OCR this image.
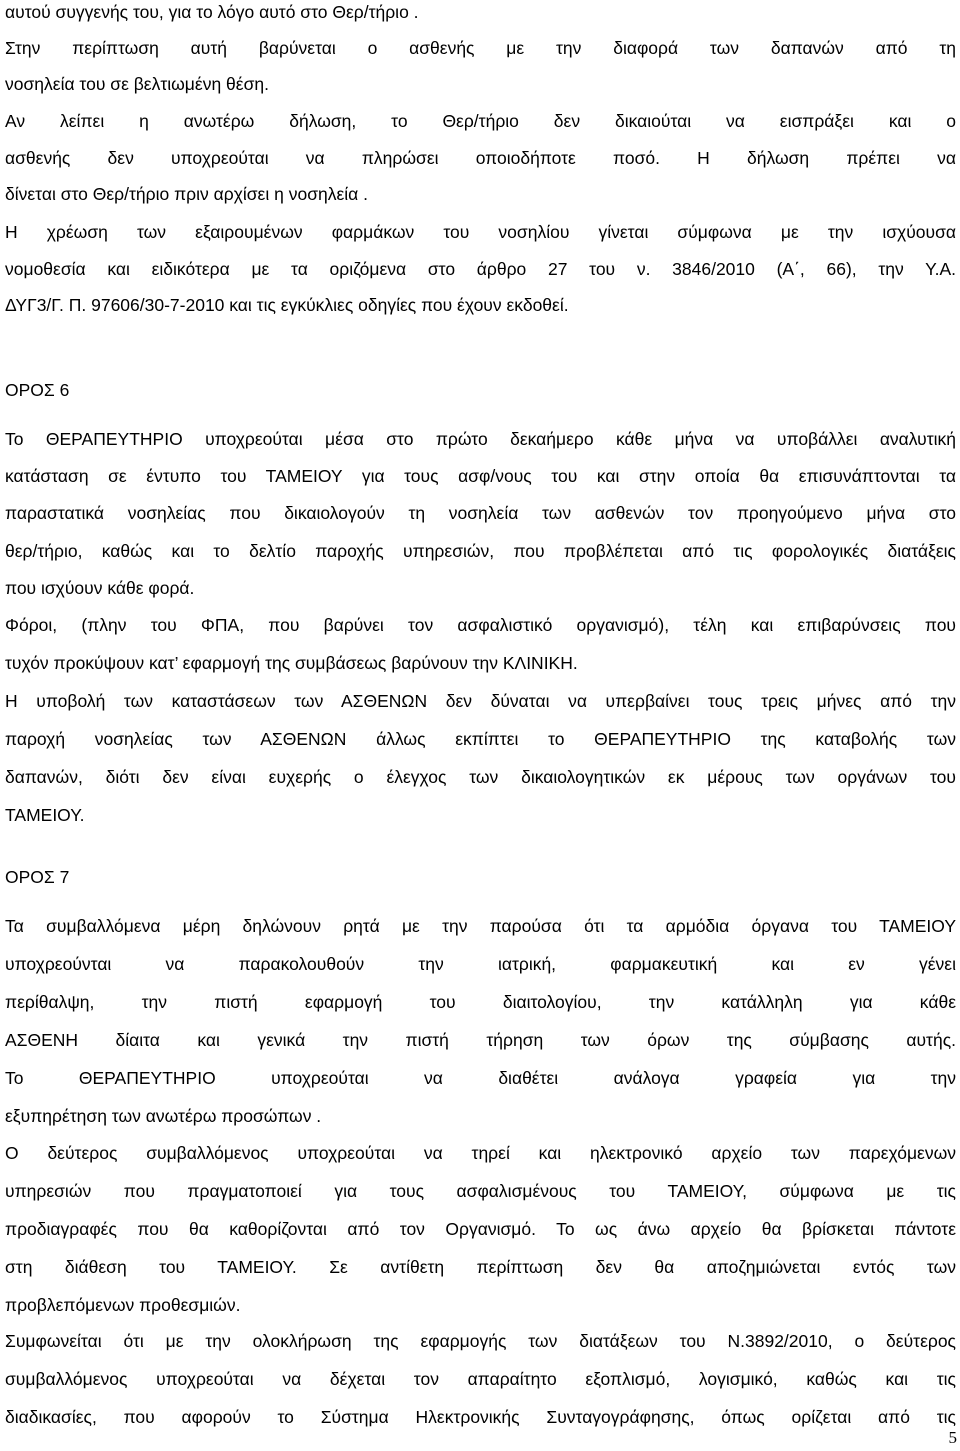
αυτού συγγενής του, για το λόγο αυτό στο Θερ/τήριο .
Στην περίπτωση αυτή βαρύνεται ο ασθενής με την διαφορά των δαπανών από τη
νοσηλεία του σε βελτιωμένη θέση.
Αν λείπει η ανωτέρω δήλωση, το Θερ/τήριο δεν δικαιούται να εισπράξει και ο
ασθενής δεν υποχρεούται να πληρώσει οποιοδήποτε ποσό. Η δήλωση πρέπει να
δίνεται στο Θερ/τήριο πριν αρχίσει η νοσηλεία .
Η χρέωση των εξαιρουμένων φαρμάκων του νοσηλίου γίνεται σύμφωνα με την ισχύουσα
νομοθεσία και ειδικότερα με τα οριζόμενα στο άρθρο 27 του ν. 3846/2010 (Α΄, 66), την Υ.Α.
ΔΥΓ3/Γ. Π. 97606/30-7-2010 και τις εγκύκλιες οδηγίες που έχουν εκδοθεί.
ΟΡΟΣ 6
Το ΘΕΡΑΠΕΥΤΗΡΙΟ υποχρεούται μέσα στο πρώτο δεκαήμερο κάθε μήνα να υποβάλλει αναλυτική
κατάσταση σε έντυπο του ΤΑΜΕΙΟΥ για τους ασφ/νους του και στην οποία θα επισυνάπτονται τα
παραστατικά νοσηλείας που δικαιολογούν τη νοσηλεία των ασθενών τον προηγούμενο μήνα στο
θερ/τήριο, καθώς και το δελτίο παροχής υπηρεσιών, που προβλέπεται από τις φορολογικές διατάξεις
που ισχύουν κάθε φορά.
Φόροι, (πλην του ΦΠΑ, που βαρύνει τον ασφαλιστικό οργανισμό), τέλη και επιβαρύνσεις που
τυχόν προκύψουν κατ’ εφαρμογή της συμβάσεως βαρύνουν την ΚΛΙΝΙΚΗ.
Η υποβολή των καταστάσεων των ΑΣΘΕΝΩΝ δεν δύναται να υπερβαίνει τους τρεις μήνες από την
παροχή νοσηλείας των ΑΣΘΕΝΩΝ άλλως εκπίπτει το ΘΕΡΑΠΕΥΤΗΡΙΟ της καταβολής των
δαπανών, διότι δεν είναι ευχερής ο έλεγχος των δικαιολογητικών εκ μέρους των οργάνων του
ΤΑΜΕΙΟΥ.
ΟΡΟΣ 7
Τα συμβαλλόμενα μέρη δηλώνουν ρητά με την παρούσα ότι τα αρμόδια όργανα του ΤΑΜΕΙΟΥ
υποχρεούνται να παρακολουθούν την ιατρική, φαρμακευτική και εν γένει
περίθαλψη, την πιστή εφαρμογή του διαιτολογίου, την κατάλληλη για κάθε
ΑΣΘΕΝΗ δίαιτα και γενικά την πιστή τήρηση των όρων της σύμβασης αυτής.
Το ΘΕΡΑΠΕΥΤΗΡΙΟ υποχρεούται να διαθέτει ανάλογα γραφεία για την
εξυπηρέτηση των ανωτέρω προσώπων .
Ο δεύτερος συμβαλλόμενος υποχρεούται να τηρεί και ηλεκτρονικό αρχείο των παρεχόμενων
υπηρεσιών που πραγματοποιεί για τους ασφαλισμένους του ΤΑΜΕΙΟΥ, σύμφωνα με τις
προδιαγραφές που θα καθορίζονται από τον Οργανισμό. Το ως άνω αρχείο θα βρίσκεται πάντοτε
στη διάθεση του ΤΑΜΕΙΟΥ. Σε αντίθετη περίπτωση δεν θα αποζημιώνεται εντός των
προβλεπόμενων προθεσμιών.
Συμφωνείται ότι με την ολοκλήρωση της εφαρμογής των διατάξεων του Ν.3892/2010, ο δεύτερος
συμβαλλόμενος υποχρεούται να δέχεται τον απαραίτητο εξοπλισμό, λογισμικό, καθώς και τις
διαδικασίες, που αφορούν το Σύστημα Ηλεκτρονικής Συνταγογράφησης, όπως ορίζεται από τις
5
